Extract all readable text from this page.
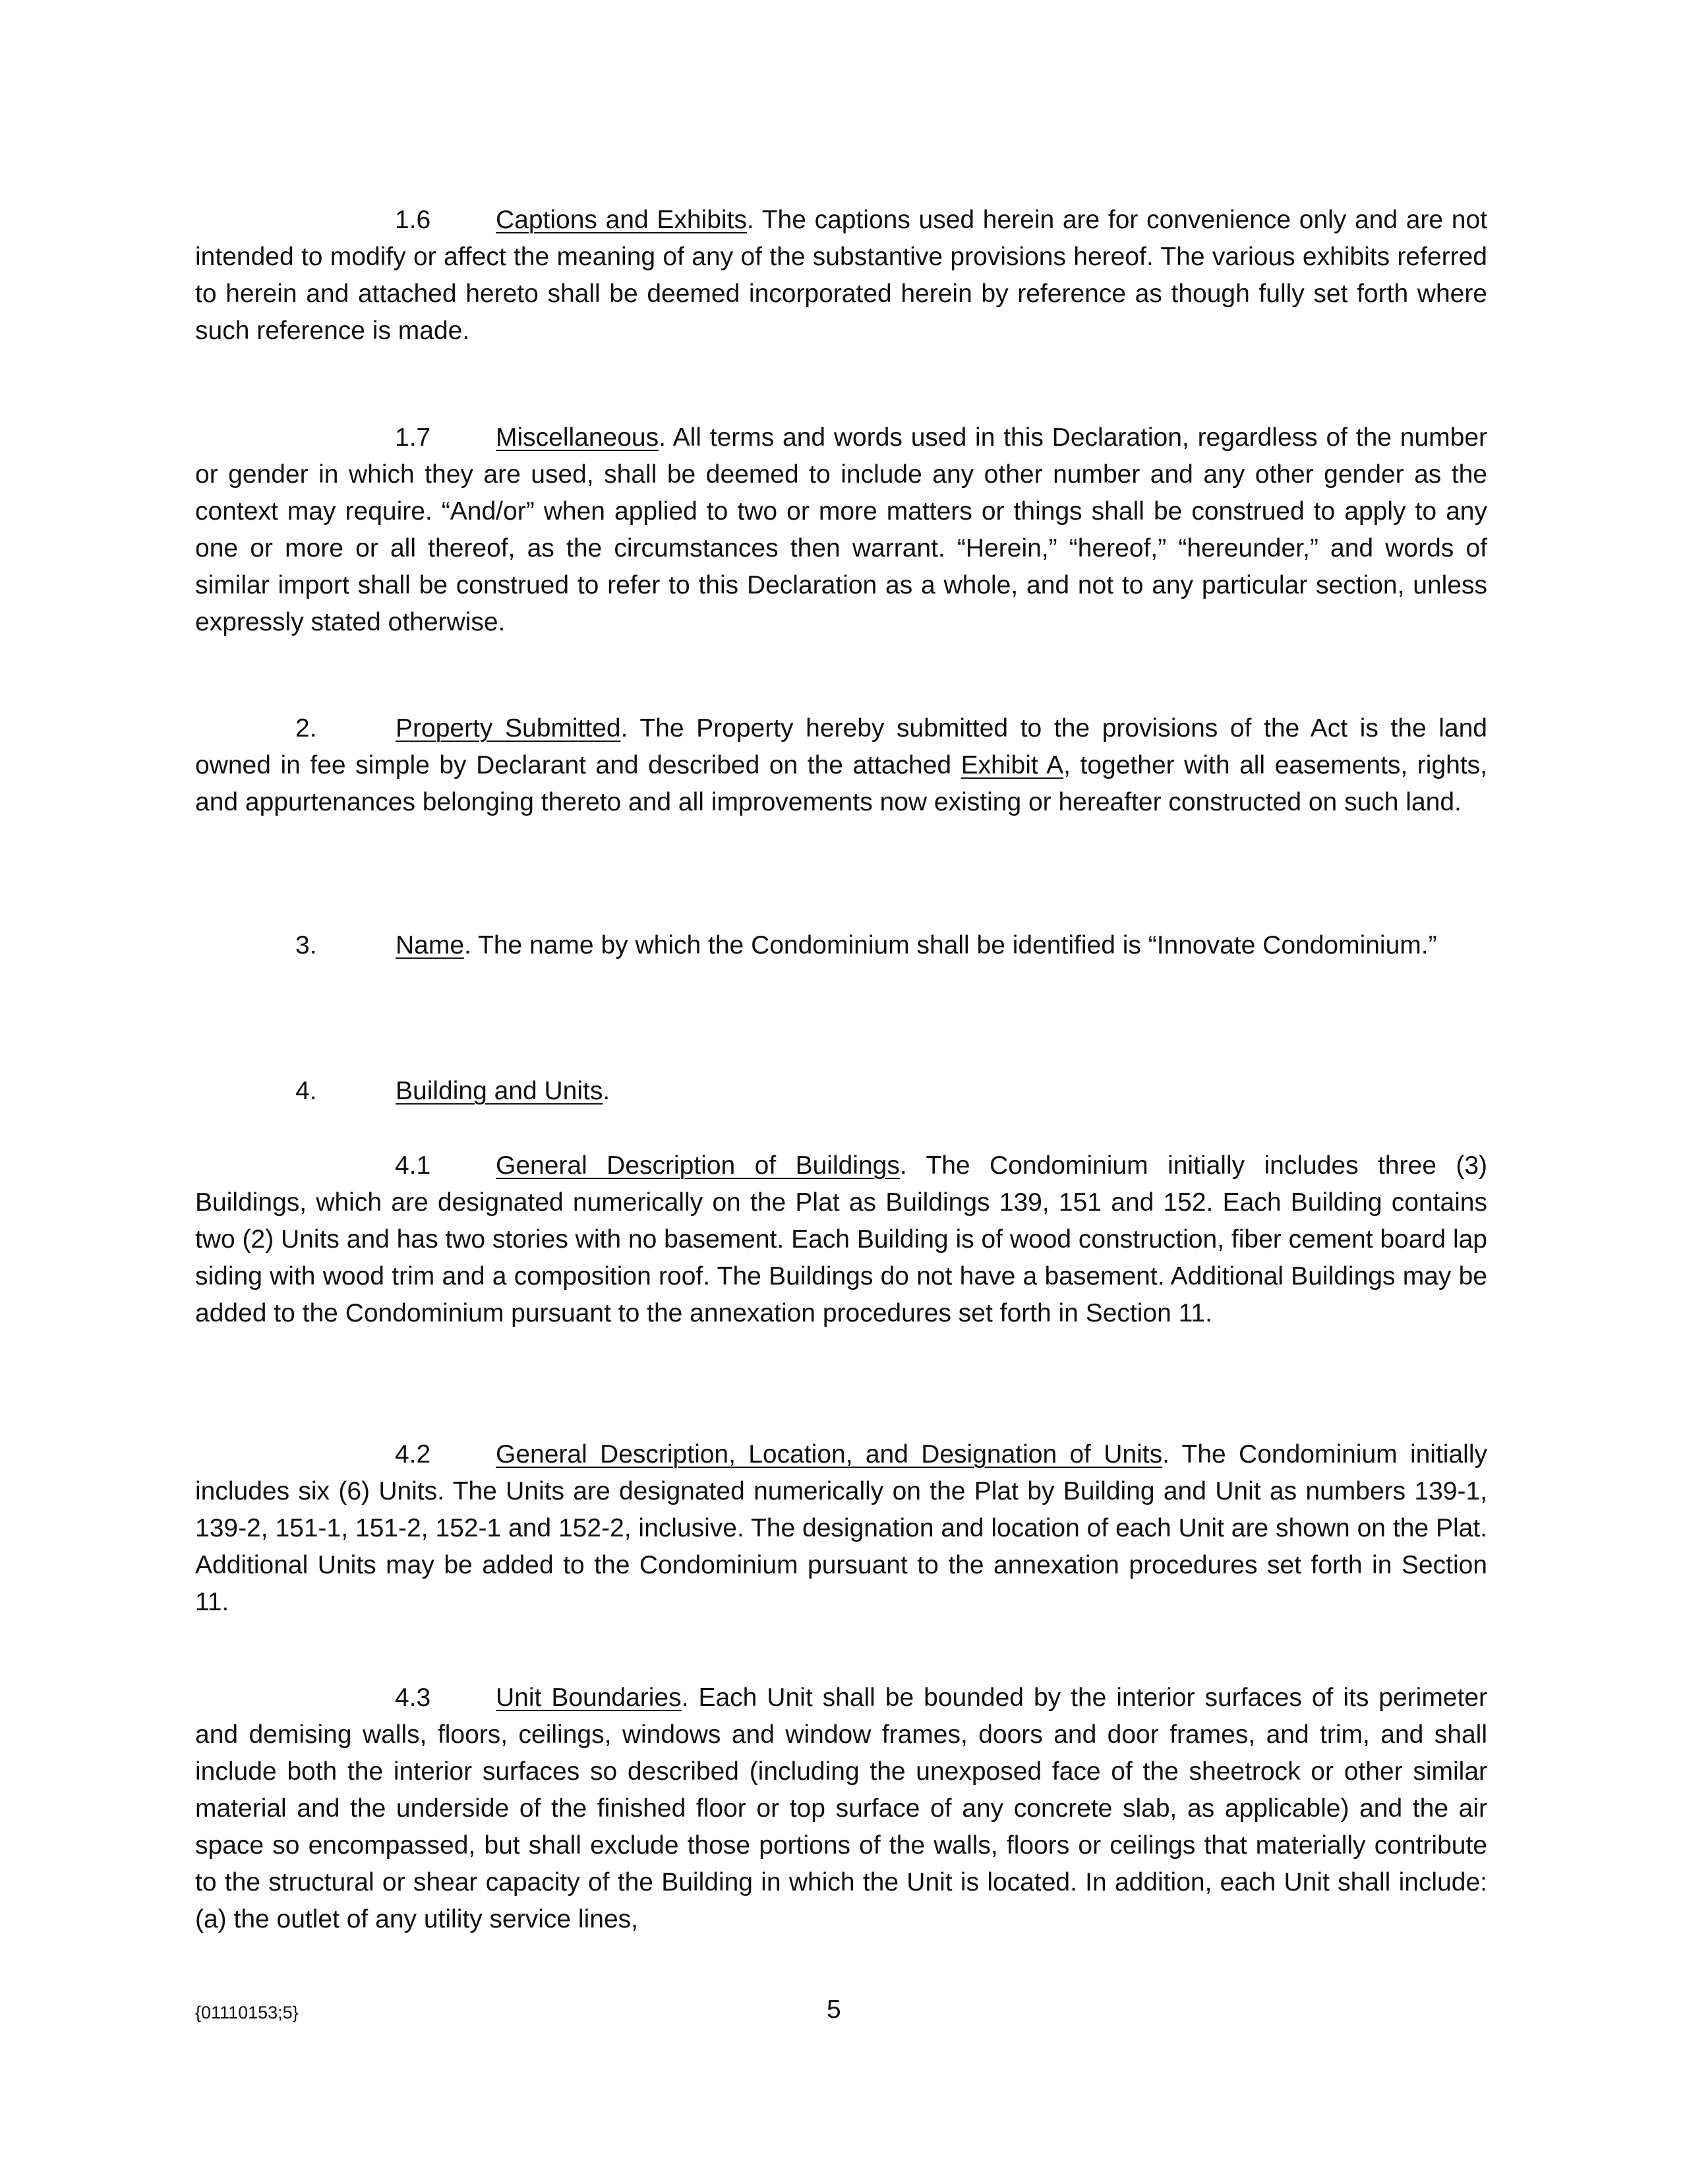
1.6	Captions and Exhibits. The captions used herein are for convenience only and are not intended to modify or affect the meaning of any of the substantive provisions hereof. The various exhibits referred to herein and attached hereto shall be deemed incorporated herein by reference as though fully set forth where such reference is made.

1.7	Miscellaneous. All terms and words used in this Declaration, regardless of the number or gender in which they are used, shall be deemed to include any other number and any other gender as the context may require. “And/or” when applied to two or more matters or things shall be construed to apply to any one or more or all thereof, as the circumstances then warrant. “Herein,” “hereof,” “hereunder,” and words of similar import shall be construed to refer to this Declaration as a whole, and not to any particular section, unless expressly stated otherwise.

2.	Property Submitted. The Property hereby submitted to the provisions of the Act is the land owned in fee simple by Declarant and described on the attached Exhibit A, together with all easements, rights, and appurtenances belonging thereto and all improvements now existing or hereafter constructed on such land.

3.	Name. The name by which the Condominium shall be identified is “Innovate Condominium.”

4.	Building and Units.

4.1	General Description of Buildings. The Condominium initially includes three (3) Buildings, which are designated numerically on the Plat as Buildings 139, 151 and 152. Each Building contains two (2) Units and has two stories with no basement. Each Building is of wood construction, fiber cement board lap siding with wood trim and a composition roof. The Buildings do not have a basement. Additional Buildings may be added to the Condominium pursuant to the annexation procedures set forth in Section 11.

4.2	General Description, Location, and Designation of Units. The Condominium initially includes six (6) Units. The Units are designated numerically on the Plat by Building and Unit as numbers 139-1, 139-2, 151-1, 151-2, 152-1 and 152-2, inclusive. The designation and location of each Unit are shown on the Plat. Additional Units may be added to the Condominium pursuant to the annexation procedures set forth in Section 11.

4.3	Unit Boundaries. Each Unit shall be bounded by the interior surfaces of its perimeter and demising walls, floors, ceilings, windows and window frames, doors and door frames, and trim, and shall include both the interior surfaces so described (including the unexposed face of the sheetrock or other similar material and the underside of the finished floor or top surface of any concrete slab, as applicable) and the air space so encompassed, but shall exclude those portions of the walls, floors or ceilings that materially contribute to the structural or shear capacity of the Building in which the Unit is located. In addition, each Unit shall include: (a) the outlet of any utility service lines,

{01110153;5}	5
